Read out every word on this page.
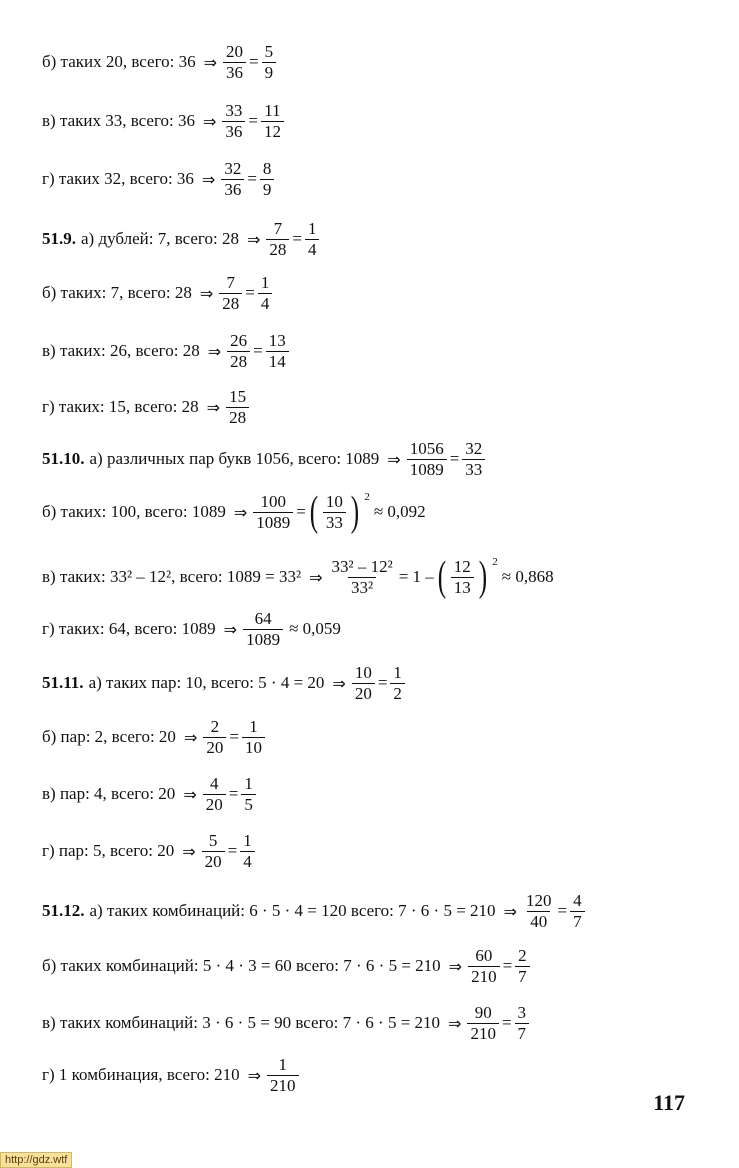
б) таких 20, всего: 36 ⇒ $\frac{20}{36} = \frac{5}{9}$
в) таких 33, всего: 36 ⇒ $\frac{33}{36} = \frac{11}{12}$
г) таких 32, всего: 36 ⇒ $\frac{32}{36} = \frac{8}{9}$
51.9. а) дублей: 7, всего: 28 ⇒ $\frac{7}{28} = \frac{1}{4}$
б) таких: 7, всего: 28 ⇒ $\frac{7}{28} = \frac{1}{4}$
в) таких: 26, всего: 28 ⇒ $\frac{26}{28} = \frac{13}{14}$
г) таких: 15, всего: 28 ⇒ $\frac{15}{28}$
51.10. а) различных пар букв 1056, всего: 1089 ⇒ $\frac{1056}{1089} = \frac{32}{33}$
б) таких: 100, всего: 1089 ⇒ $\frac{100}{1089}$ = ( $\frac{10}{33}$ ) $^2$
≈ 0,092
в) таких: 33² – 12², всего: 1089 = 33² ⇒ $\frac{\text{33² – 12²}}{\text{33²}} = 1$ – ( $\frac{12}{13}$ ) $^2$
≈ 0,868
г) таких: 64, всего: 1089 ⇒ $\frac{64}{1089} \approx 0,059$
51.11. а) таких пар: 10, всего: 5 · 4 = 20 ⇒ $\frac{10}{20} = \frac{1}{2}$
б) пар: 2, всего: 20 ⇒ $\frac{2}{20} = \frac{1}{10}$
в) пар: 4, всего: 20 ⇒ $\frac{4}{20} = \frac{1}{5}$
г) пар: 5, всего: 20 ⇒ $\frac{5}{20} = \frac{1}{4}$
51.12. а) таких комбинаций: 6 · 5 · 4 = 120 всего: 7 · 6 · 5 = 210 ⇒ $\frac{120}{40} = \frac{4}{7}$
б) таких комбинаций: 5 · 4 · 3 = 60 всего: 7 · 6 · 5 = 210 ⇒ $\frac{60}{210} = \frac{2}{7}$
в) таких комбинаций: 3 · 6 · 5 = 90 всего: 7 · 6 · 5 = 210 ⇒ $\frac{90}{210} = \frac{3}{7}$
г) 1 комбинация, всего: 210 ⇒ $\frac{1}{210}$
117
http://gdz.wtf
